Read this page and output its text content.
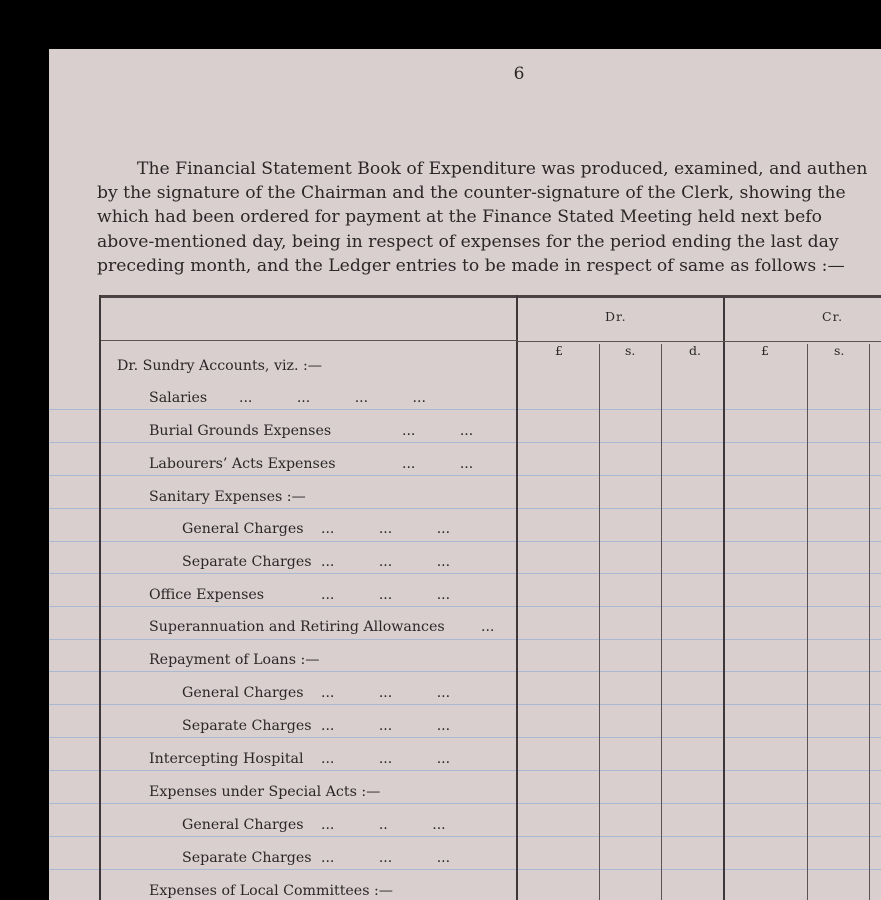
6
The Financial Statement Book of Expenditure was produced, examined, and authen
by the signature of the Chairman and the counter-signature of the Clerk, showing the
which had been ordered for payment at the Finance Stated Meeting held next befo
above-mentioned day, being in respect of expenses for the period ending the last day
preceding month, and the Ledger entries to be made in respect of same as follows :—
Dr.	Cr.
£	s.	d.	£	s.
Dr. Sundry Accounts, viz. :—
Salaries ...          ...          ...          ...
Burial Grounds Expenses	...          ...
Labourers’ Acts Expenses	...          ...
Sanitary Expenses :—
General Charges ...          ...          ...
Separate Charges ...          ...          ...
Office Expenses	...          ...          ...
Superannuation and Retiring Allowances	...
Repayment of Loans :—
General Charges ...          ...          ...
Separate Charges ...          ...          ...
Intercepting Hospital ...          ...          ...
Expenses under Special Acts :—
General Charges ...          ..          ...
Separate Charges ...          ...          ...
Expenses of Local Committees :—
